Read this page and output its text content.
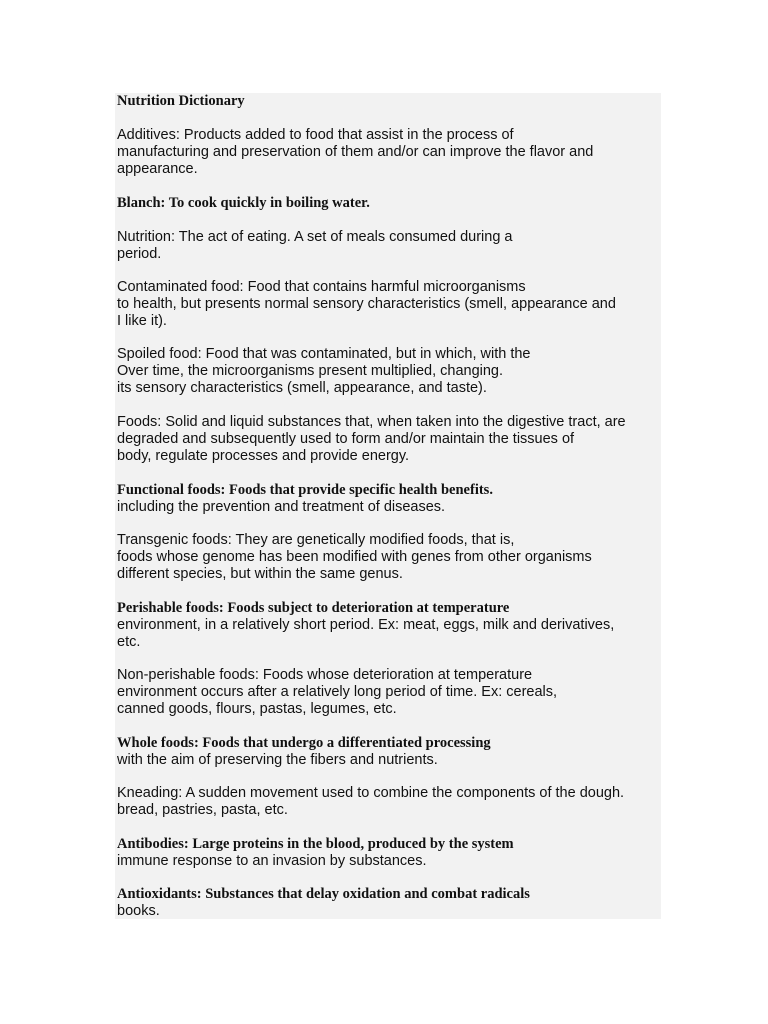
Nutrition Dictionary
Additives: Products added to food that assist in the process of
manufacturing and preservation of them and/or can improve the flavor and
appearance.
Blanch: To cook quickly in boiling water.
Nutrition: The act of eating. A set of meals consumed during a
period.
Contaminated food: Food that contains harmful microorganisms
to health, but presents normal sensory characteristics (smell, appearance and
I like it).
Spoiled food: Food that was contaminated, but in which, with the
Over time, the microorganisms present multiplied, changing.
its sensory characteristics (smell, appearance, and taste).
Foods: Solid and liquid substances that, when taken into the digestive tract, are
degraded and subsequently used to form and/or maintain the tissues of
body, regulate processes and provide energy.
Functional foods: Foods that provide specific health benefits.
including the prevention and treatment of diseases.
Transgenic foods: They are genetically modified foods, that is,
foods whose genome has been modified with genes from other organisms
different species, but within the same genus.
Perishable foods: Foods subject to deterioration at temperature
environment, in a relatively short period. Ex: meat, eggs, milk and derivatives,
etc.
Non-perishable foods: Foods whose deterioration at temperature
environment occurs after a relatively long period of time. Ex: cereals,
canned goods, flours, pastas, legumes, etc.
Whole foods: Foods that undergo a differentiated processing
with the aim of preserving the fibers and nutrients.
Kneading: A sudden movement used to combine the components of the dough.
bread, pastries, pasta, etc.
Antibodies: Large proteins in the blood, produced by the system
immune response to an invasion by substances.
Antioxidants: Substances that delay oxidation and combat radicals
books.
